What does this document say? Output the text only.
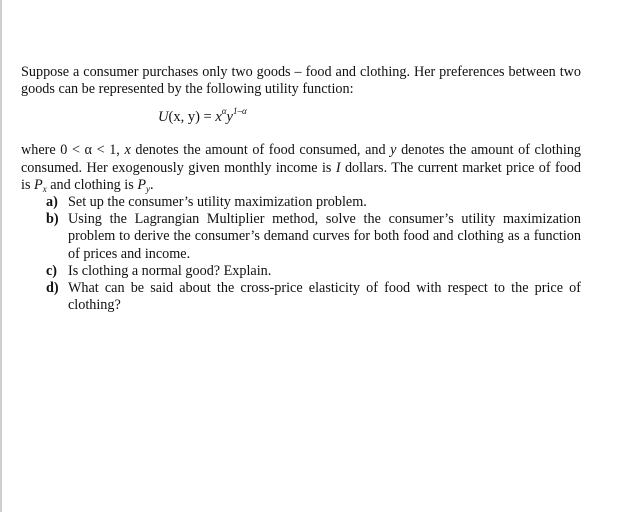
Suppose a consumer purchases only two goods – food and clothing. Her preferences between two goods can be represented by the following utility function:

U(x, $y) = x^\alpha y^{1-\alpha}$

where 0 < α < 1, x denotes the amount of food consumed, and y denotes the amount of clothing consumed. Her exogenously given monthly income is I dollars. The current market price of food is $P_x$ and clothing is $P_y$.

a) Set up the consumer’s utility maximization problem.
b) Using the Lagrangian Multiplier method, solve the consumer’s utility maximization problem to derive the consumer’s demand curves for both food and clothing as a function of prices and income.
c) Is clothing a normal good? Explain.
d) What can be said about the cross-price elasticity of food with respect to the price of clothing?
